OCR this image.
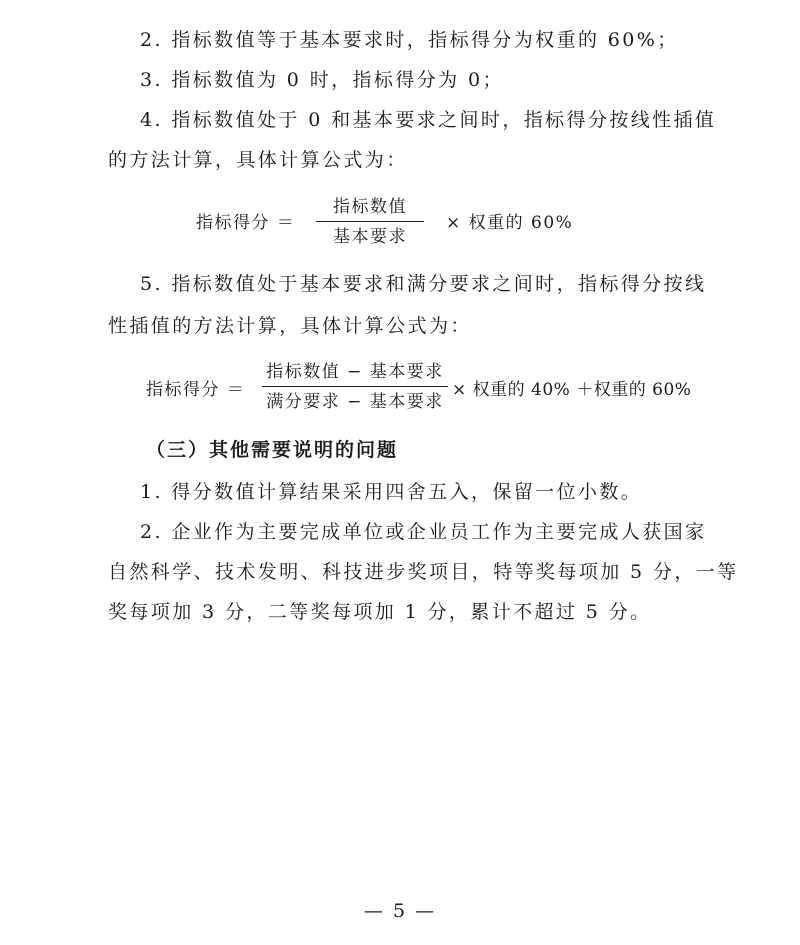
2. 指标数值等于基本要求时，指标得分为权重的 60%；
3. 指标数值为 0 时，指标得分为 0；
4. 指标数值处于 0 和基本要求之间时，指标得分按线性插值
的方法计算，具体计算公式为：
指标得分 ＝
指标数值
基本要求
× 权重的 60%
5. 指标数值处于基本要求和满分要求之间时，指标得分按线
性插值的方法计算，具体计算公式为：
指标得分 ＝
指标数值 − 基本要求
满分要求 − 基本要求
× 权重的 40% ＋权重的 60%
（三）其他需要说明的问题
1. 得分数值计算结果采用四舍五入，保留一位小数。
2. 企业作为主要完成单位或企业员工作为主要完成人获国家
自然科学、技术发明、科技进步奖项目，特等奖每项加 5 分，一等
奖每项加 3 分，二等奖每项加 1 分，累计不超过 5 分。
— 5 —
